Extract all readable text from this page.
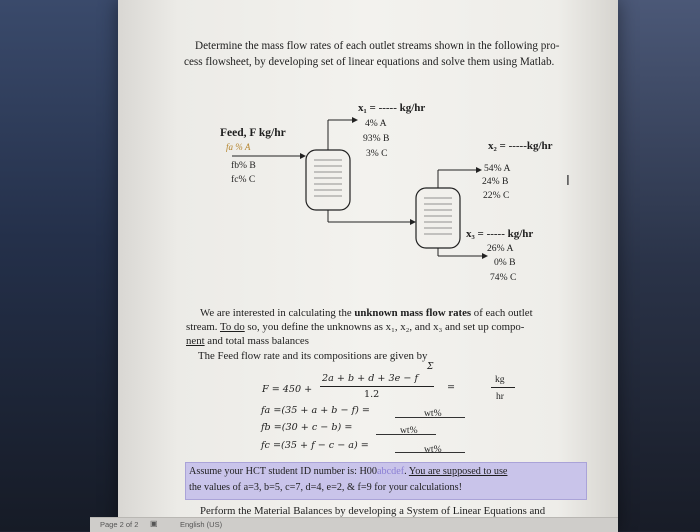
Determine the mass flow rates of each outlet streams shown in the following pro-
cess flowsheet, by developing set of linear equations and solve them using Matlab.
Feed, F kg/hr
fa % A
fb% B
fc% C
x₁ = ----- kg/hr
4% A
93% B
3% C
x₂ = -----kg/hr
54% A
24% B
22% C
I
x₃ = ----- kg/hr
26% A
0% B
74% C
We are interested in calculating the unknown mass flow rates of each outlet
stream. To do so, you define the unknowns as x₁, x₂, and x₃ and set up compo-
nent and total mass balances
The Feed flow rate and its compositions are given by
F = 450 +
2a + b + d + 3e − f
Σ
1.2
=
kg
hr
fa =(35 + a + b − f) =	wt%
fb =(30 + c − b) =	wt%
fc =(35 + f − c − a) =	wt%
Assume your HCT student ID number is: H00abcdef. You are supposed to use
the values of a=3, b=5, c=7, d=4, e=2, & f=9 for your calculations!
Perform the Material Balances by developing a System of Linear Equations and
Page 2 of 2 ▣	English (US)
